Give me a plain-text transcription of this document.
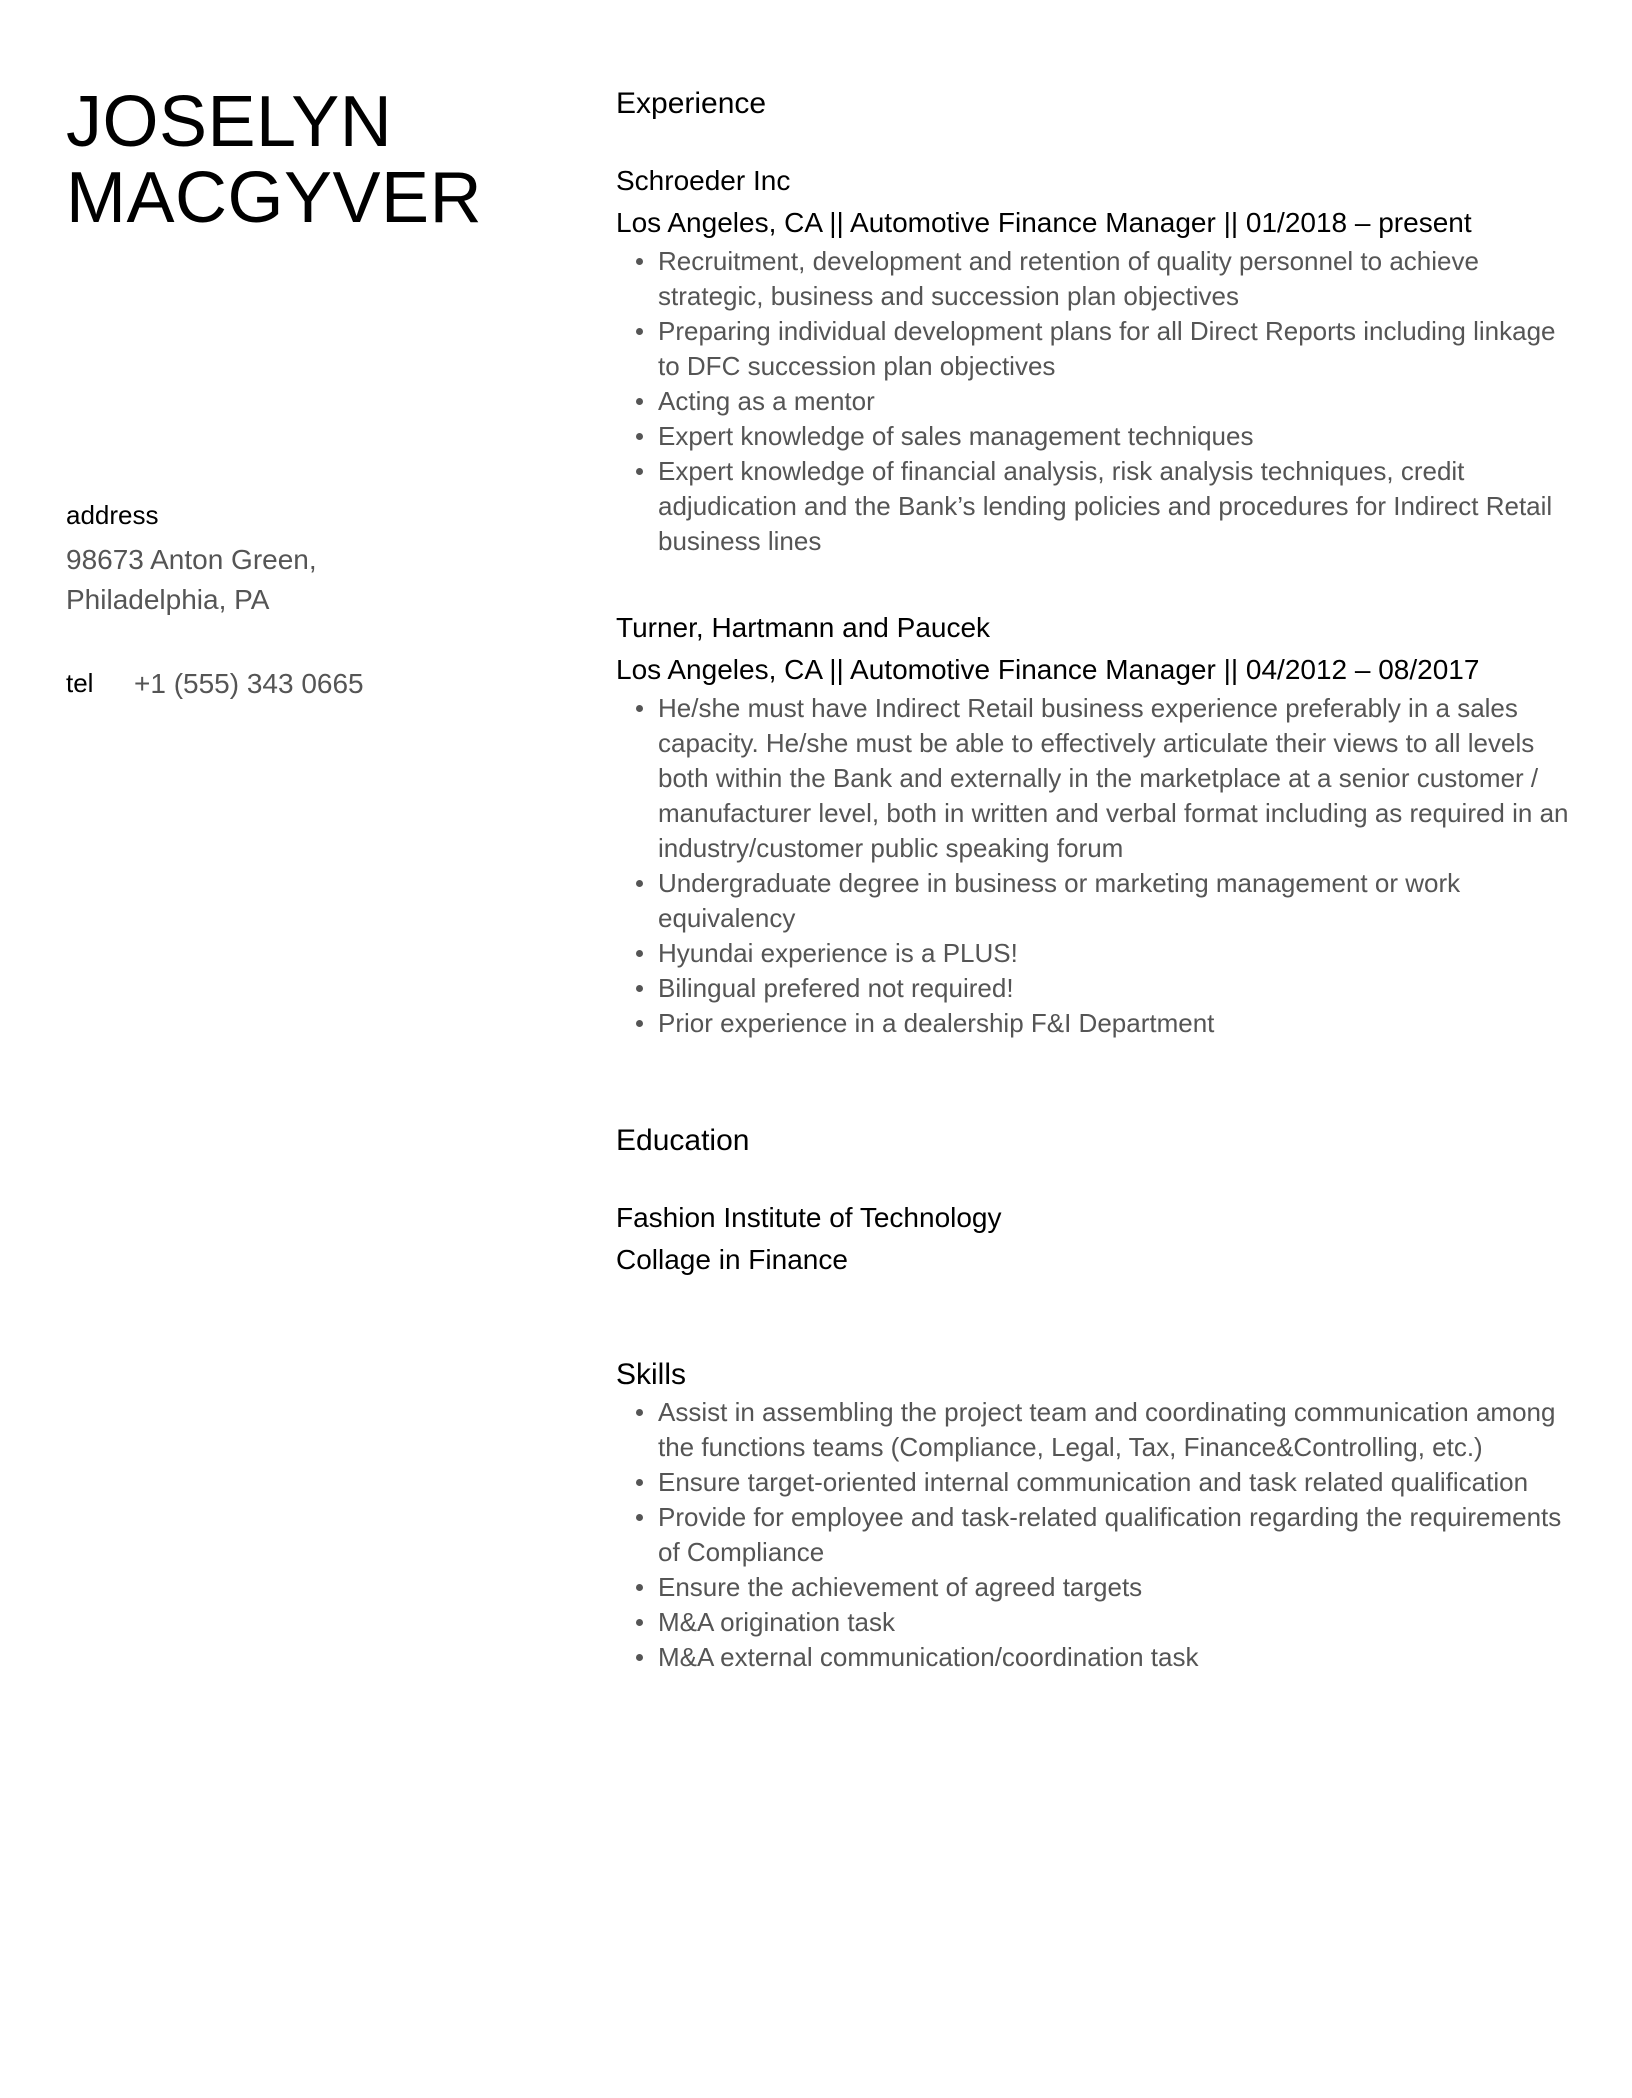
JOSELYN
MACGYVER
address
98673 Anton Green,
Philadelphia, PA
tel +1 (555) 343 0665
Experience
Schroeder Inc
Los Angeles, CA || Automotive Finance Manager || 01/2018 – present
Recruitment, development and retention of quality personnel to achieve strategic, business and succession plan objectives
Preparing individual development plans for all Direct Reports including linkage to DFC succession plan objectives
Acting as a mentor
Expert knowledge of sales management techniques
Expert knowledge of financial analysis, risk analysis techniques, credit adjudication and the Bank’s lending policies and procedures for Indirect Retail business lines
Turner, Hartmann and Paucek
Los Angeles, CA || Automotive Finance Manager || 04/2012 – 08/2017
He/she must have Indirect Retail business experience preferably in a sales capacity. He/she must be able to effectively articulate their views to all levels both within the Bank and externally in the marketplace at a senior customer / manufacturer level, both in written and verbal format including as required in an industry/customer public speaking forum
Undergraduate degree in business or marketing management or work equivalency
Hyundai experience is a PLUS!
Bilingual prefered not required!
Prior experience in a dealership F&I Department
Education
Fashion Institute of Technology
Collage in Finance
Skills
Assist in assembling the project team and coordinating communication among the functions teams (Compliance, Legal, Tax, Finance&Controlling, etc.)
Ensure target-oriented internal communication and task related qualification
Provide for employee and task-related qualification regarding the requirements of Compliance
Ensure the achievement of agreed targets
M&A origination task
M&A external communication/coordination task
